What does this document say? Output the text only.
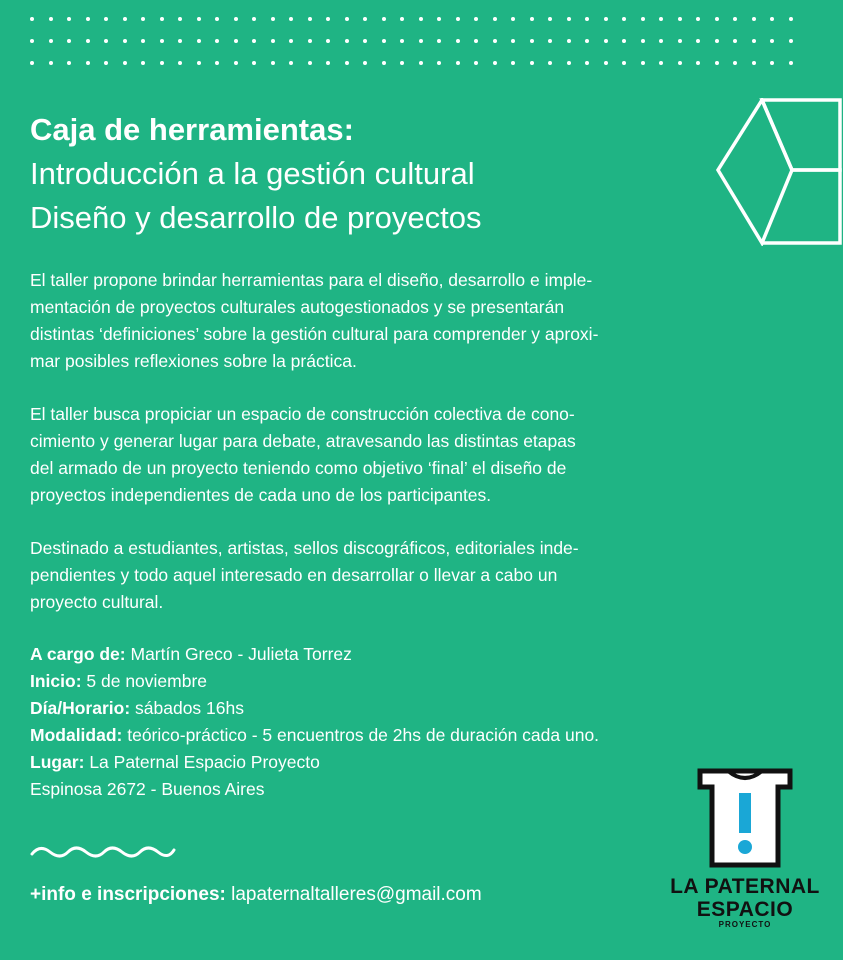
Caja de herramientas:
Introducción a la gestión cultural
Diseño y desarrollo de proyectos
El taller propone brindar herramientas para el diseño, desarrollo e imple-
mentación de proyectos culturales autogestionados y se presentarán
distintas ‘definiciones’ sobre la gestión cultural para comprender y aproxi-
mar posibles reflexiones sobre la práctica.
El taller busca propiciar un espacio de construcción colectiva de cono-
cimiento y generar lugar para debate, atravesando las distintas etapas
del armado de un proyecto teniendo como objetivo ‘final’ el diseño de
proyectos independientes de cada uno de los participantes.
Destinado a estudiantes, artistas, sellos discográficos, editoriales inde-
pendientes y todo aquel interesado en desarrollar o llevar a cabo un
proyecto cultural.
A cargo de: Martín Greco - Julieta Torrez
Inicio: 5 de noviembre
Día/Horario: sábados 16hs
Modalidad: teórico-práctico - 5 encuentros de 2hs de duración cada uno.
Lugar: La Paternal Espacio Proyecto
Espinosa 2672 - Buenos Aires
+info e inscripciones: lapaternaltalleres@gmail.com	LA PATERNAL
ESPACIO
PROYECTO
